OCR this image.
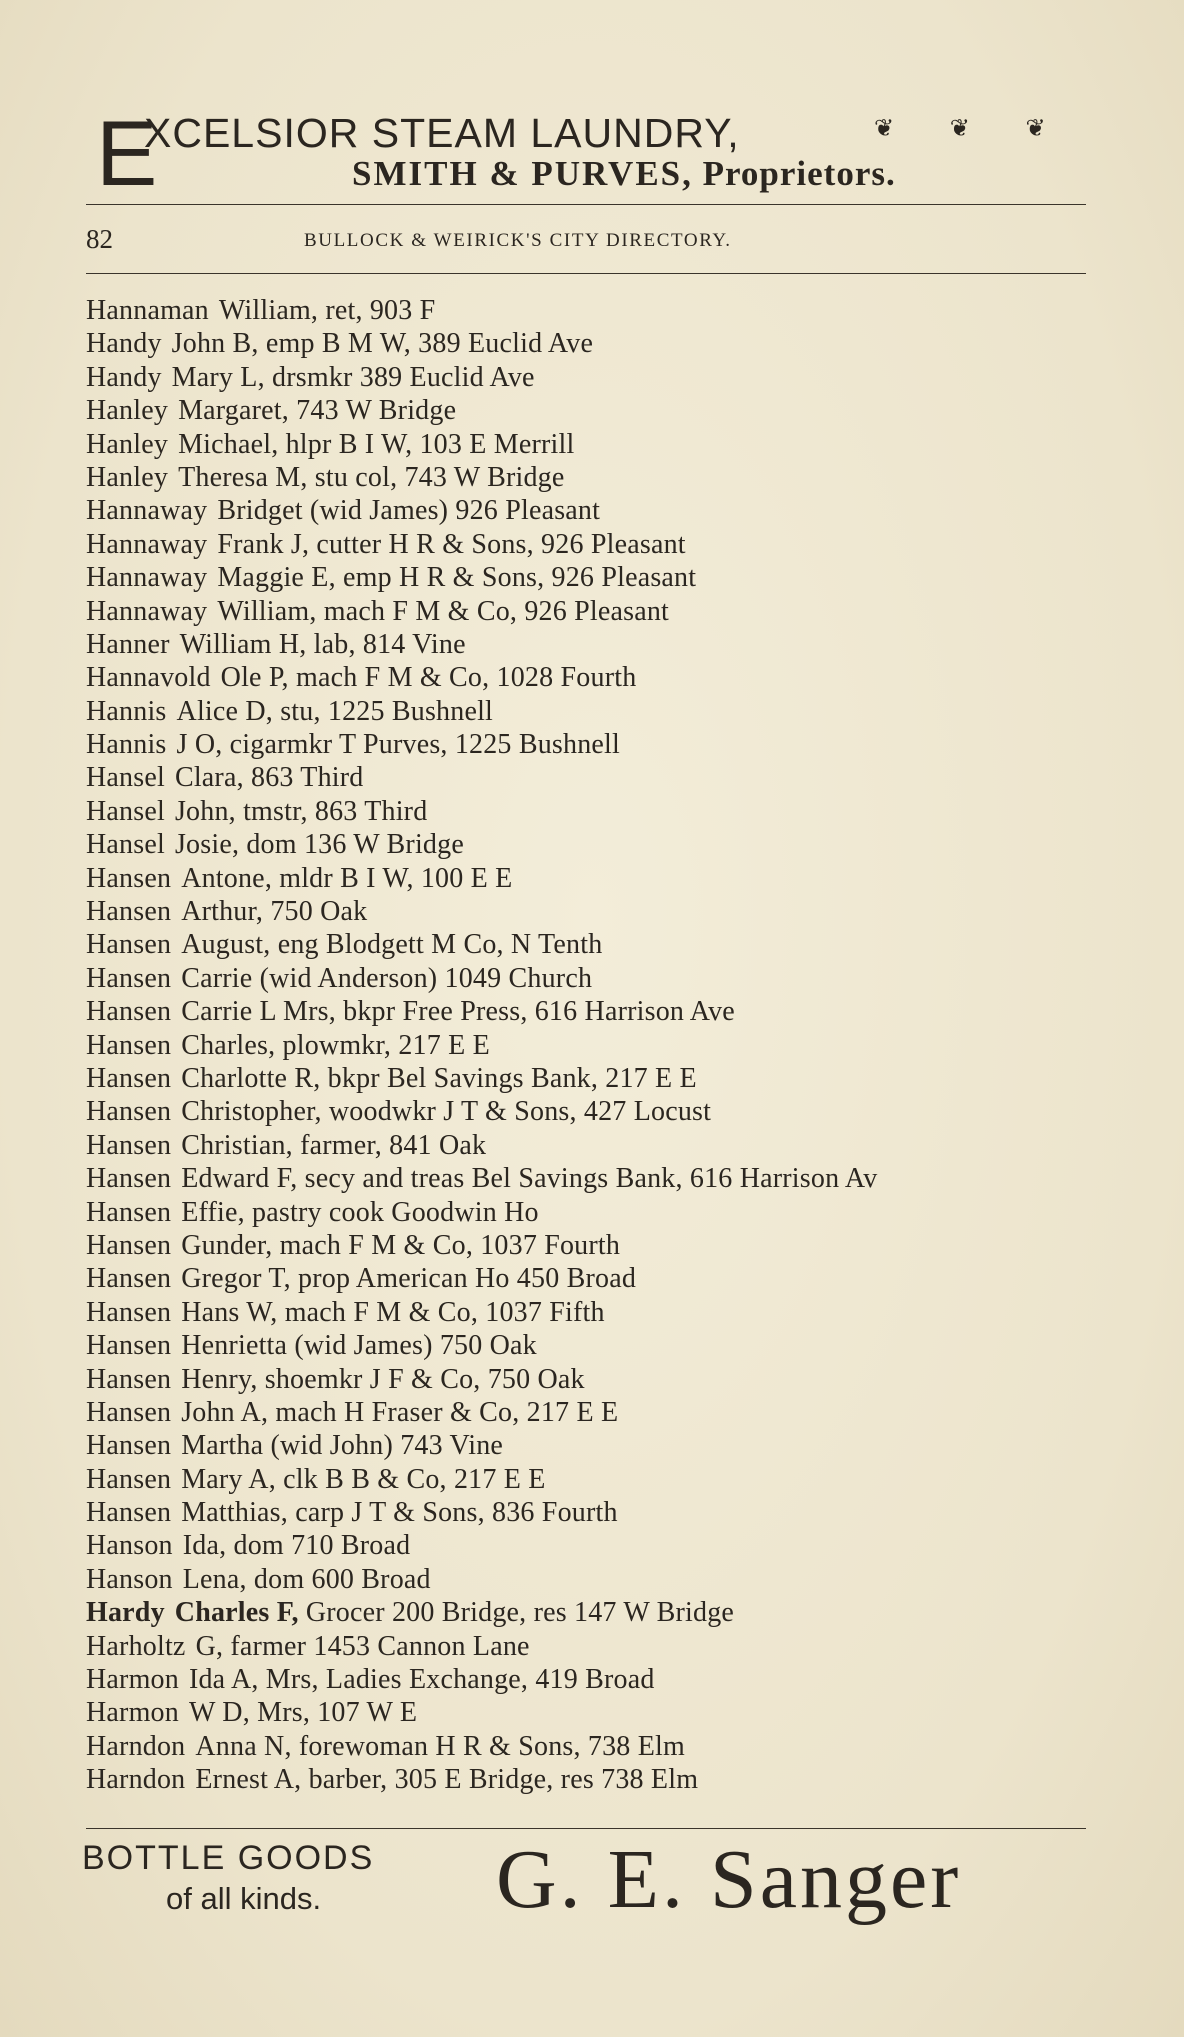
E
XCELSIOR STEAM LAUNDRY,	❦ ❦ ❦
SMITH & PURVES, Proprietors.
82	BULLOCK & WEIRICK'S CITY DIRECTORY.
Hannaman William, ret, 903 F
Handy John B, emp B M W, 389 Euclid Ave
Handy Mary L, drsmkr 389 Euclid Ave
Hanley Margaret, 743 W Bridge
Hanley Michael, hlpr B I W, 103 E Merrill
Hanley Theresa M, stu col, 743 W Bridge
Hannaway Bridget (wid James) 926 Pleasant
Hannaway Frank J, cutter H R & Sons, 926 Pleasant
Hannaway Maggie E, emp H R & Sons, 926 Pleasant
Hannaway William, mach F M & Co, 926 Pleasant
Hanner William H, lab, 814 Vine
Hannavold Ole P, mach F M & Co, 1028 Fourth
Hannis Alice D, stu, 1225 Bushnell
Hannis J O, cigarmkr T Purves, 1225 Bushnell
Hansel Clara, 863 Third
Hansel John, tmstr, 863 Third
Hansel Josie, dom 136 W Bridge
Hansen Antone, mldr B I W, 100 E E
Hansen Arthur, 750 Oak
Hansen August, eng Blodgett M Co, N Tenth
Hansen Carrie (wid Anderson) 1049 Church
Hansen Carrie L Mrs, bkpr Free Press, 616 Harrison Ave
Hansen Charles, plowmkr, 217 E E
Hansen Charlotte R, bkpr Bel Savings Bank, 217 E E
Hansen Christopher, woodwkr J T & Sons, 427 Locust
Hansen Christian, farmer, 841 Oak
Hansen Edward F, secy and treas Bel Savings Bank, 616 Harrison Av
Hansen Effie, pastry cook Goodwin Ho
Hansen Gunder, mach F M & Co, 1037 Fourth
Hansen Gregor T, prop American Ho 450 Broad
Hansen Hans W, mach F M & Co, 1037 Fifth
Hansen Henrietta (wid James) 750 Oak
Hansen Henry, shoemkr J F & Co, 750 Oak
Hansen John A, mach H Fraser & Co, 217 E E
Hansen Martha (wid John) 743 Vine
Hansen Mary A, clk B B & Co, 217 E E
Hansen Matthias, carp J T & Sons, 836 Fourth
Hanson Ida, dom 710 Broad
Hanson Lena, dom 600 Broad
Hardy Charles F, Grocer 200 Bridge, res 147 W Bridge
Harholtz G, farmer 1453 Cannon Lane
Harmon Ida A, Mrs, Ladies Exchange, 419 Broad
Harmon W D, Mrs, 107 W E
Harndon Anna N, forewoman H R & Sons, 738 Elm
Harndon Ernest A, barber, 305 E Bridge, res 738 Elm
BOTTLE GOODS
of all kinds. G. E. Sanger
